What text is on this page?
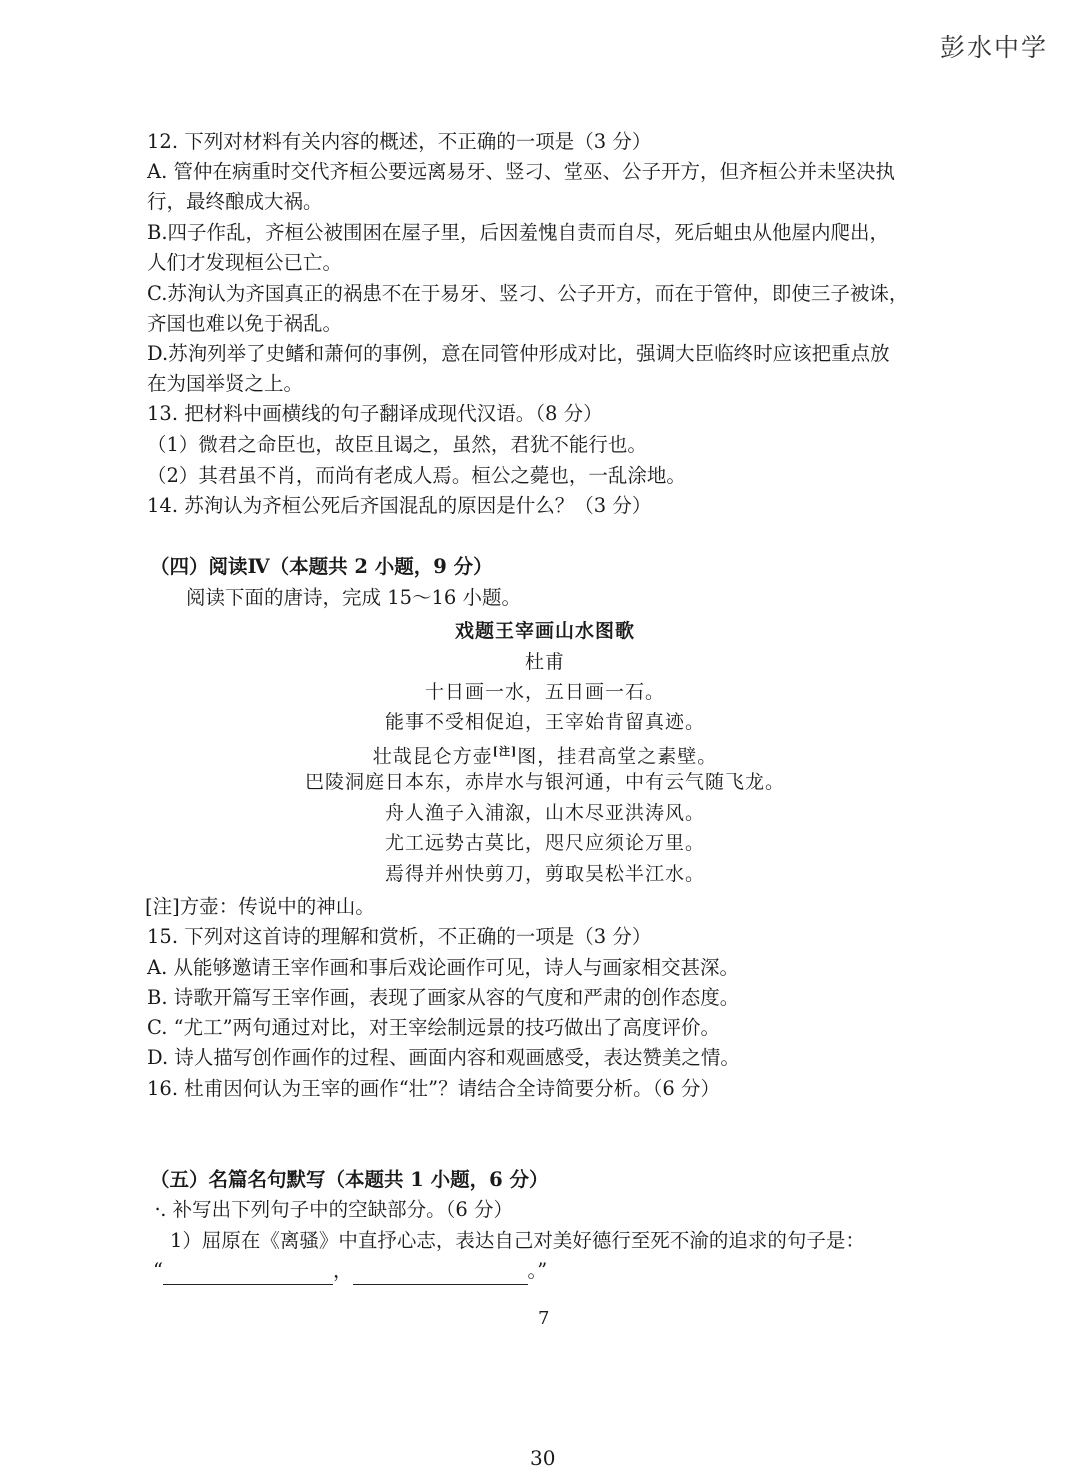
彭水中学
12. 下列对材料有关内容的概述，不正确的一项是（3 分）
A. 管仲在病重时交代齐桓公要远离易牙、竖刁、堂巫、公子开方，但齐桓公并未坚决执
行，最终酿成大祸。
B.四子作乱，齐桓公被围困在屋子里，后因羞愧自责而自尽，死后蛆虫从他屋内爬出，
人们才发现桓公已亡。
C.苏洵认为齐国真正的祸患不在于易牙、竖刁、公子开方，而在于管仲，即使三子被诛，
齐国也难以免于祸乱。
D.苏洵列举了史鳍和萧何的事例，意在同管仲形成对比，强调大臣临终时应该把重点放
在为国举贤之上。
13. 把材料中画横线的句子翻译成现代汉语。（8 分）
（1）微君之命臣也，故臣且谒之，虽然，君犹不能行也。
（2）其君虽不肖，而尚有老成人焉。桓公之薨也，一乱涂地。
14. 苏洵认为齐桓公死后齐国混乱的原因是什么？（3 分）
（四）阅读Ⅳ（本题共 2 小题，9 分）
阅读下面的唐诗，完成 15～16 小题。
戏题王宰画山水图歌
杜甫
十日画一水，五日画一石。
能事不受相促迫，王宰始肯留真迹。
壮哉昆仑方壶[注]图，挂君高堂之素壁。
巴陵洞庭日本东，赤岸水与银河通，中有云气随飞龙。
舟人渔子入浦溆，山木尽亚洪涛风。
尤工远势古莫比，咫尺应须论万里。
焉得并州快剪刀，剪取吴松半江水。
[注]方壶：传说中的神山。
15. 下列对这首诗的理解和赏析，不正确的一项是（3 分）
A. 从能够邀请王宰作画和事后戏论画作可见，诗人与画家相交甚深。
B. 诗歌开篇写王宰作画，表现了画家从容的气度和严肃的创作态度。
C. “尤工”两句通过对比，对王宰绘制远景的技巧做出了高度评价。
D. 诗人描写创作画作的过程、画面内容和观画感受，表达赞美之情。
16. 杜甫因何认为王宰的画作“壮”？请结合全诗简要分析。（6 分）
（五）名篇名句默写（本题共 1 小题，6 分）
⸱. 补写出下列句子中的空缺部分。（6 分）
1）屈原在《离骚》中直抒心志，表达自己对美好德行至死不渝的追求的句子是：
“	，	。”
7
30
